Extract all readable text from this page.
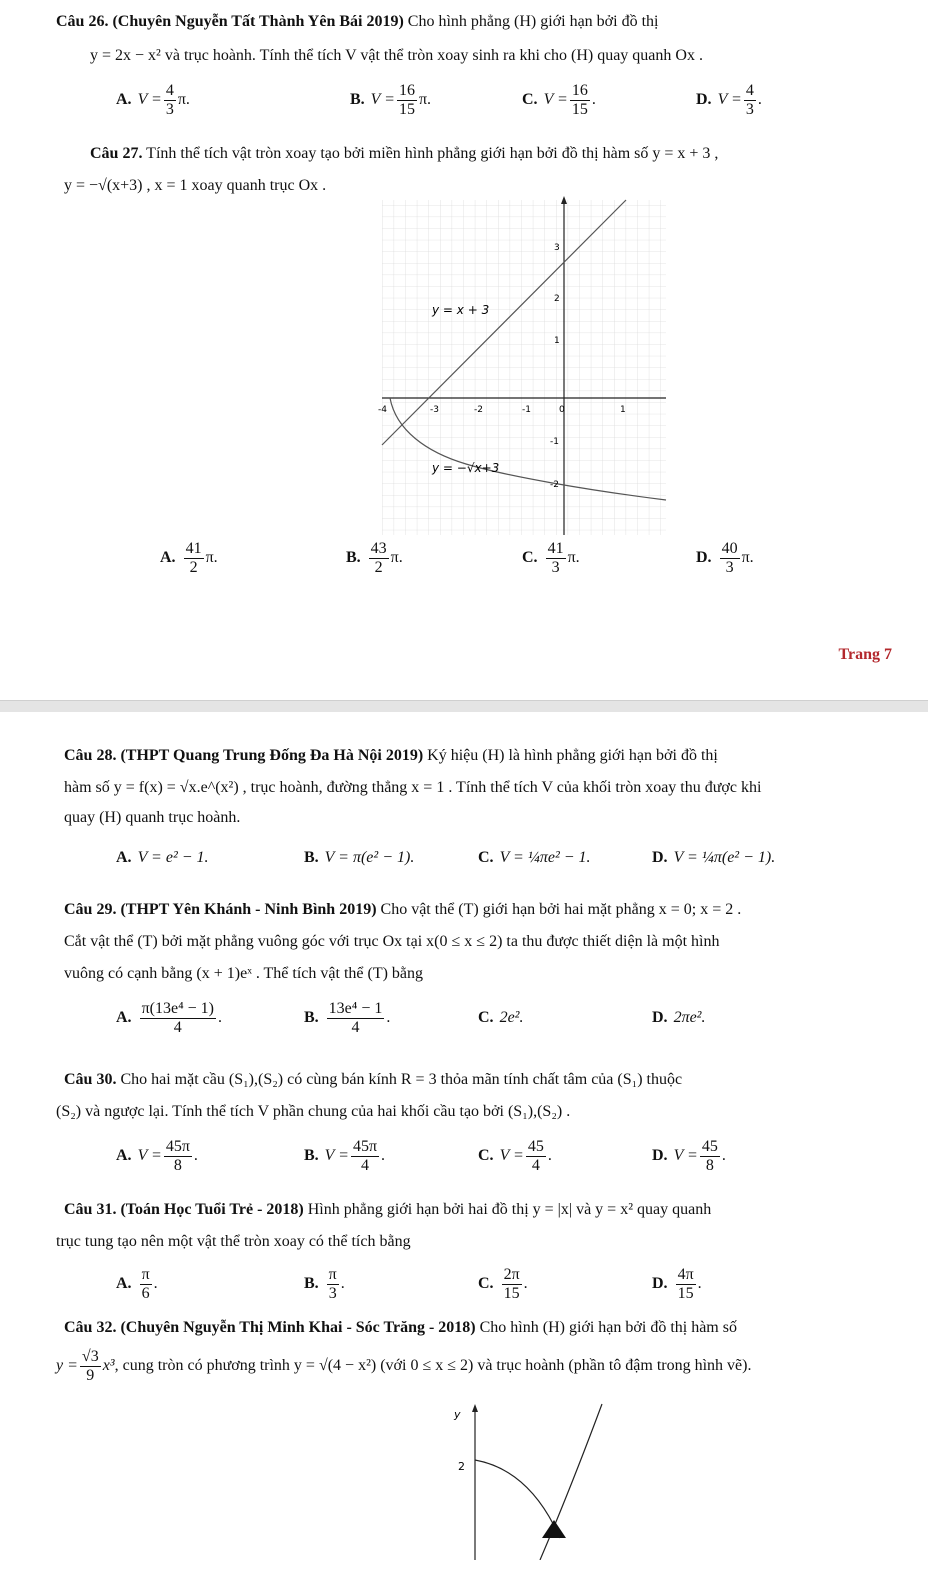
Câu 26. (Chuyên Nguyễn Tất Thành Yên Bái 2019) Cho hình phẳng (H) giới hạn bởi đồ thị
y = 2x − x² và trục hoành. Tính thể tích V vật thể tròn xoay sinh ra khi cho (H) quay quanh Ox .
A. $V = \frac{4}{3} \pi$.	B. $V = \frac{16}{15} \pi$.	C. $V = \frac{16}{15}$ .	D. $V = \frac{4}{3}$ .
Câu 27. Tính thể tích vật tròn xoay tạo bởi miền hình phẳng giới hạn bởi đồ thị hàm số y = x + 3 ,
y = −√(x+3) , x = 1 xoay quanh trục Ox .
-4	-3	-2	-1	0	1
3
2
1
-1
-2
y = x + 3
y = −√x+3
A. $\frac{41}{2} \pi$.	B. $\frac{43}{2} \pi$.	C. $\frac{41}{3} \pi$.	D. $\frac{40}{3} \pi$.
Trang 7
Câu 28. (THPT Quang Trung Đống Đa Hà Nội 2019) Ký hiệu (H) là hình phẳng giới hạn bởi đồ thị
hàm số y = f(x) = √x.e^(x²) , trục hoành, đường thẳng x = 1 . Tính thể tích V của khối tròn xoay thu được khi
quay (H) quanh trục hoành.
A. V = e² − 1.	B. V = π(e² − 1).	C. V = ¼πe² − 1.	D. V = ¼π(e² − 1).
Câu 29. (THPT Yên Khánh - Ninh Bình 2019) Cho vật thể (T) giới hạn bởi hai mặt phẳng x = 0; x = 2 .
Cắt vật thể (T) bởi mặt phẳng vuông góc với trục Ox tại x(0 ≤ x ≤ 2) ta thu được thiết diện là một hình
vuông có cạnh bằng (x + 1)eˣ . Thể tích vật thể (T) bằng
A. $\frac{\text{π(13e⁴ − 1)}}{4}$ .	B. $\frac{\text{13e⁴ − 1}}{4}$ .	C. 2e².	D. 2πe².
Câu 30. Cho hai mặt cầu (S₁),(S₂) có cùng bán kính R = 3 thỏa mãn tính chất tâm của (S₁) thuộc
(S₂) và ngược lại. Tính thể tích V phần chung của hai khối cầu tạo bởi (S₁),(S₂) .
A. $V = \frac{45\pi}{8}$ .	B. $V = \frac{45\pi}{4}$ .	C. $V = \frac{45}{4}$ .	D. $V = \frac{45}{8}$ .
Câu 31. (Toán Học Tuổi Trẻ - 2018) Hình phẳng giới hạn bởi hai đồ thị y = |x| và y = x² quay quanh
trục tung tạo nên một vật thể tròn xoay có thể tích bằng
A. $\frac{\pi}{6}$ .	B. $\frac{\pi}{3}$ .	C. $\frac{2\pi}{15}$ .	D. $\frac{4\pi}{15}$ .
Câu 32. (Chuyên Nguyễn Thị Minh Khai - Sóc Trăng - 2018) Cho hình (H) giới hạn bởi đồ thị hàm số
$y = \frac{√3}{9} x^3$ , cung tròn có phương trình y = √(4 − x²) (với 0 ≤ x ≤ 2) và trục hoành (phần tô đậm trong hình vẽ).
y
2
